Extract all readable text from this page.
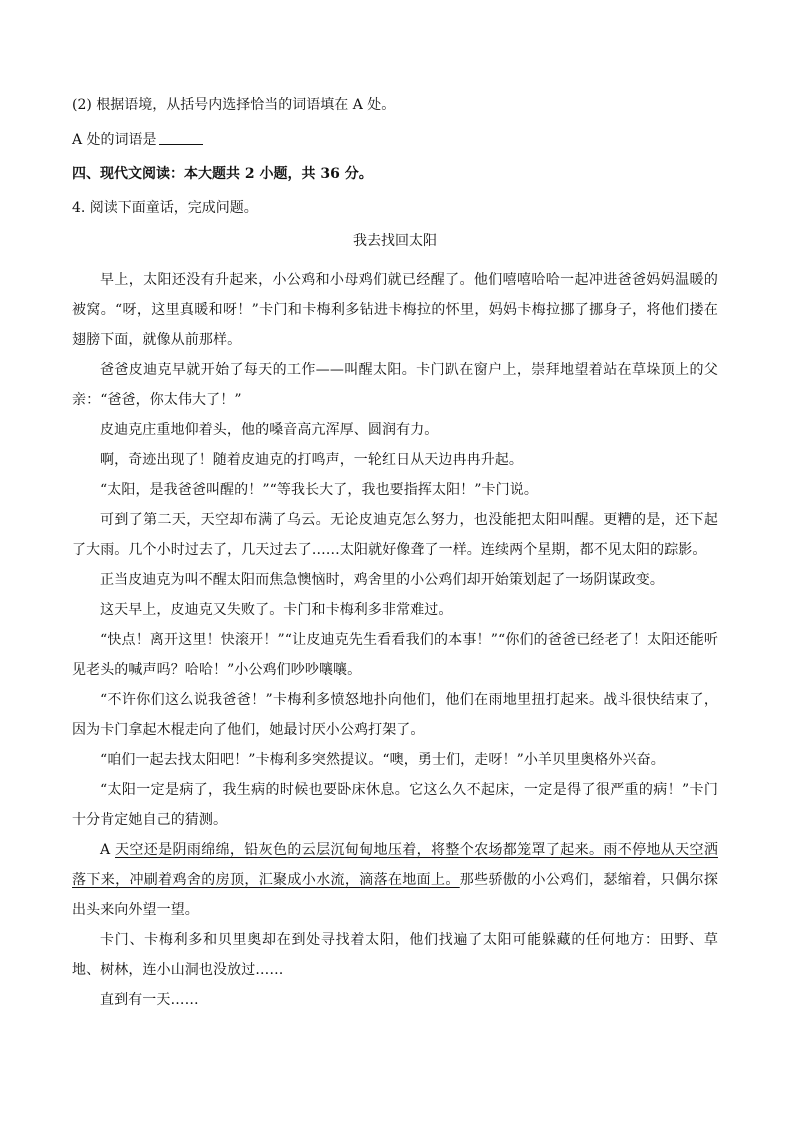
(2) 根据语境，从括号内选择恰当的词语填在 A 处。
A 处的词语是
四、现代文阅读：本大题共 2 小题，共 36 分。
4. 阅读下面童话，完成问题。
我去找回太阳

早上，太阳还没有升起来，小公鸡和小母鸡们就已经醒了。他们嘻嘻哈哈一起冲进爸爸妈妈温暖的被窝。“呀，这里真暖和呀！”卡门和卡梅利多钻进卡梅拉的怀里，妈妈卡梅拉挪了挪身子，将他们搂在翅膀下面，就像从前那样。

爸爸皮迪克早就开始了每天的工作——叫醒太阳。卡门趴在窗户上，崇拜地望着站在草垛顶上的父亲：“爸爸，你太伟大了！”

皮迪克庄重地仰着头，他的嗓音高亢浑厚、圆润有力。

啊，奇迹出现了！随着皮迪克的打鸣声，一轮红日从天边冉冉升起。

“太阳，是我爸爸叫醒的！”“等我长大了，我也要指挥太阳！”卡门说。

可到了第二天，天空却布满了乌云。无论皮迪克怎么努力，也没能把太阳叫醒。更糟的是，还下起了大雨。几个小时过去了，几天过去了……太阳就好像聋了一样。连续两个星期，都不见太阳的踪影。

正当皮迪克为叫不醒太阳而焦急懊恼时，鸡舍里的小公鸡们却开始策划起了一场阴谋政变。

这天早上，皮迪克又失败了。卡门和卡梅利多非常难过。

“快点！离开这里！快滚开！”“让皮迪克先生看看我们的本事！”“你们的爸爸已经老了！太阳还能听见老头的喊声吗？哈哈！”小公鸡们吵吵嚷嚷。

“不许你们这么说我爸爸！”卡梅利多愤怒地扑向他们，他们在雨地里扭打起来。战斗很快结束了，因为卡门拿起木棍走向了他们，她最讨厌小公鸡打架了。

“咱们一起去找太阳吧！”卡梅利多突然提议。“噢，勇士们，走呀！”小羊贝里奥格外兴奋。

“太阳一定是病了，我生病的时候也要卧床休息。它这么久不起床，一定是得了很严重的病！”卡门十分肯定她自己的猜测。

A 天空还是阴雨绵绵，铅灰色的云层沉甸甸地压着，将整个农场都笼罩了起来。雨不停地从天空洒落下来，冲刷着鸡舍的房顶，汇聚成小水流，滴落在地面上。那些骄傲的小公鸡们，瑟缩着，只偶尔探出头来向外望一望。

卡门、卡梅利多和贝里奥却在到处寻找着太阳，他们找遍了太阳可能躲藏的任何地方：田野、草地、树林，连小山洞也没放过……

直到有一天……
